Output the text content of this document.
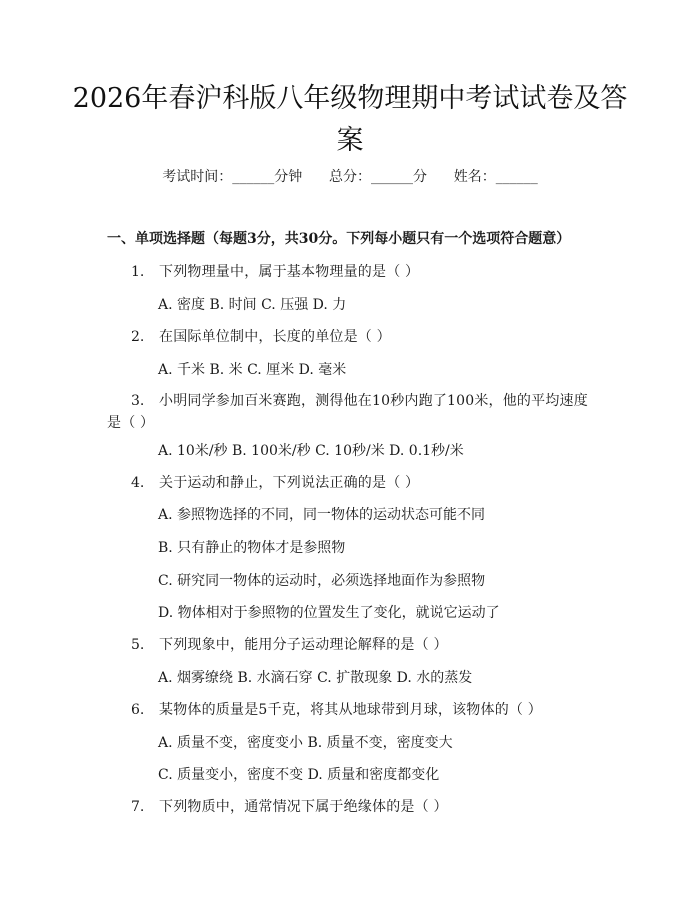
2026年春沪科版八年级物理期中考试试卷及答案
考试时间：______分钟      总分：______分      姓名：______
一、单项选择题（每题3分，共30分。下列每小题只有一个选项符合题意）
1.	下列物理量中，属于基本物理量的是（ ）
A. 密度 B. 时间 C. 压强 D. 力
2.	在国际单位制中，长度的单位是（ ）
A. 千米 B. 米 C. 厘米 D. 毫米
3.	小明同学参加百米赛跑，测得他在10秒内跑了100米，他的平均速度是（ ）
A. 10米/秒 B. 100米/秒 C. 10秒/米 D. 0.1秒/米
4.	关于运动和静止，下列说法正确的是（ ）
A. 参照物选择的不同，同一物体的运动状态可能不同
B. 只有静止的物体才是参照物
C. 研究同一物体的运动时，必须选择地面作为参照物
D. 物体相对于参照物的位置发生了变化，就说它运动了
5.	下列现象中，能用分子运动理论解释的是（ ）
A. 烟雾缭绕 B. 水滴石穿 C. 扩散现象 D. 水的蒸发
6.	某物体的质量是5千克，将其从地球带到月球，该物体的（ ）
A. 质量不变，密度变小 B. 质量不变，密度变大
C. 质量变小，密度不变 D. 质量和密度都变化
7.	下列物质中，通常情况下属于绝缘体的是（ ）
